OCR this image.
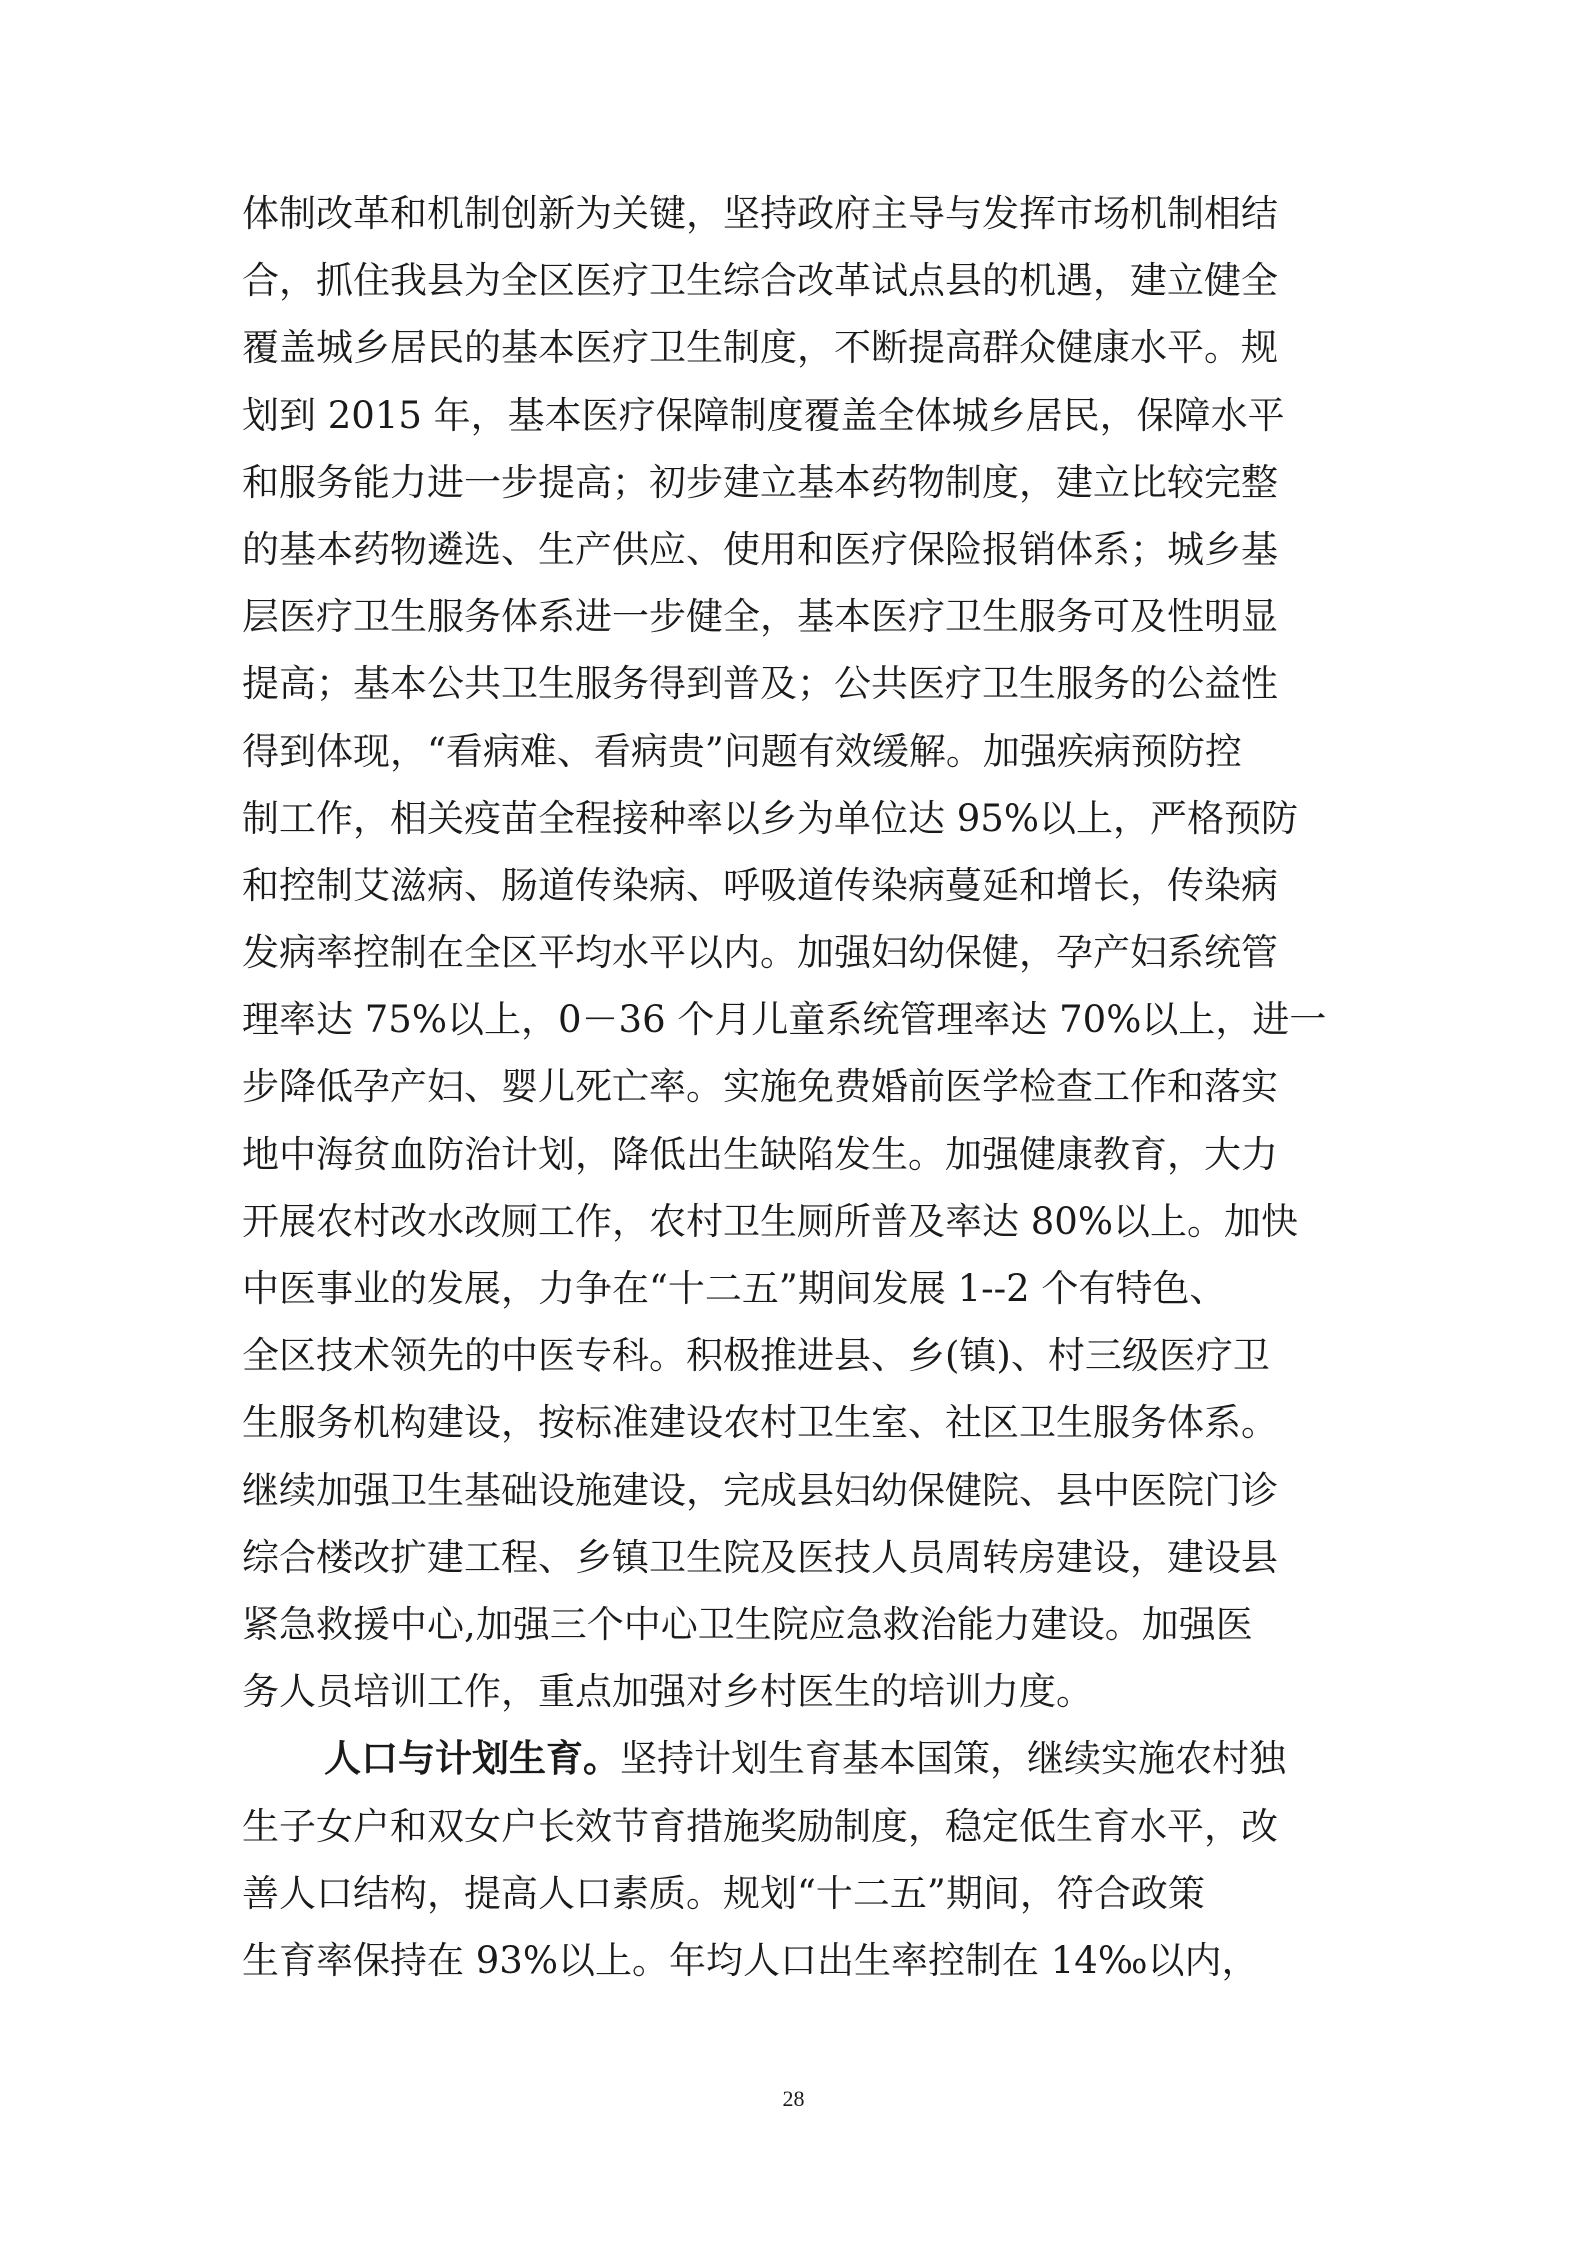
体制改革和机制创新为关键，坚持政府主导与发挥市场机制相结
合，抓住我县为全区医疗卫生综合改革试点县的机遇，建立健全
覆盖城乡居民的基本医疗卫生制度，不断提高群众健康水平。规
划到 2015 年，基本医疗保障制度覆盖全体城乡居民，保障水平
和服务能力进一步提高；初步建立基本药物制度，建立比较完整
的基本药物遴选、生产供应、使用和医疗保险报销体系；城乡基
层医疗卫生服务体系进一步健全，基本医疗卫生服务可及性明显
提高；基本公共卫生服务得到普及；公共医疗卫生服务的公益性
得到体现，“看病难、看病贵”问题有效缓解。加强疾病预防控
制工作，相关疫苗全程接种率以乡为单位达 95%以上，严格预防
和控制艾滋病、肠道传染病、呼吸道传染病蔓延和增长，传染病
发病率控制在全区平均水平以内。加强妇幼保健，孕产妇系统管
理率达 75%以上，0－36 个月儿童系统管理率达 70%以上，进一
步降低孕产妇、婴儿死亡率。实施免费婚前医学检查工作和落实
地中海贫血防治计划，降低出生缺陷发生。加强健康教育，大力
开展农村改水改厕工作，农村卫生厕所普及率达 80%以上。加快
中医事业的发展，力争在“十二五”期间发展 1--2 个有特色、
全区技术领先的中医专科。积极推进县、乡(镇)、村三级医疗卫
生服务机构建设，按标准建设农村卫生室、社区卫生服务体系。
继续加强卫生基础设施建设，完成县妇幼保健院、县中医院门诊
综合楼改扩建工程、乡镇卫生院及医技人员周转房建设，建设县
紧急救援中心,加强三个中心卫生院应急救治能力建设。加强医
务人员培训工作，重点加强对乡村医生的培训力度。
人口与计划生育。坚持计划生育基本国策，继续实施农村独
生子女户和双女户长效节育措施奖励制度，稳定低生育水平，改
善人口结构，提高人口素质。规划“十二五”期间，符合政策
生育率保持在 93%以上。年均人口出生率控制在 14‰以内，
28
